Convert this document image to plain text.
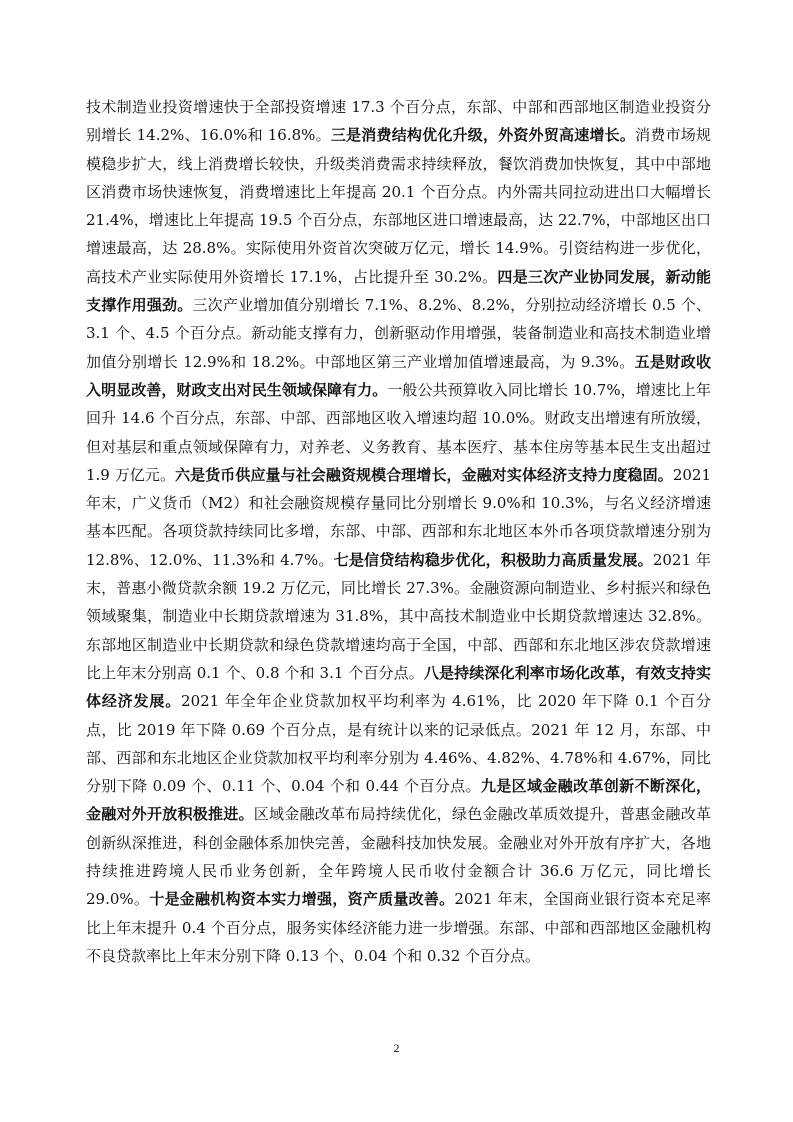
技术制造业投资增速快于全部投资增速 17.3 个百分点，东部、中部和西部地区制造业投资分别增长 14.2%、16.0%和 16.8%。三是消费结构优化升级，外资外贸高速增长。消费市场规模稳步扩大，线上消费增长较快，升级类消费需求持续释放，餐饮消费加快恢复，其中中部地区消费市场快速恢复，消费增速比上年提高 20.1 个百分点。内外需共同拉动进出口大幅增长 21.4%，增速比上年提高 19.5 个百分点，东部地区进口增速最高，达 22.7%，中部地区出口增速最高，达 28.8%。实际使用外资首次突破万亿元，增长 14.9%。引资结构进一步优化，高技术产业实际使用外资增长 17.1%，占比提升至 30.2%。四是三次产业协同发展，新动能支撑作用强劲。三次产业增加值分别增长 7.1%、8.2%、8.2%，分别拉动经济增长 0.5 个、3.1 个、4.5 个百分点。新动能支撑有力，创新驱动作用增强，装备制造业和高技术制造业增加值分别增长 12.9%和 18.2%。中部地区第三产业增加值增速最高，为 9.3%。五是财政收入明显改善，财政支出对民生领域保障有力。一般公共预算收入同比增长 10.7%，增速比上年回升 14.6 个百分点，东部、中部、西部地区收入增速均超 10.0%。财政支出增速有所放缓，但对基层和重点领域保障有力，对养老、义务教育、基本医疗、基本住房等基本民生支出超过 1.9 万亿元。六是货币供应量与社会融资规模合理增长，金融对实体经济支持力度稳固。2021 年末，广义货币（M2）和社会融资规模存量同比分别增长 9.0%和 10.3%，与名义经济增速基本匹配。各项贷款持续同比多增，东部、中部、西部和东北地区本外币各项贷款增速分别为 12.8%、12.0%、11.3%和 4.7%。七是信贷结构稳步优化，积极助力高质量发展。2021 年末，普惠小微贷款余额 19.2 万亿元，同比增长 27.3%。金融资源向制造业、乡村振兴和绿色领域聚集，制造业中长期贷款增速为 31.8%，其中高技术制造业中长期贷款增速达 32.8%。东部地区制造业中长期贷款和绿色贷款增速均高于全国，中部、西部和东北地区涉农贷款增速比上年末分别高 0.1 个、0.8 个和 3.1 个百分点。八是持续深化利率市场化改革，有效支持实体经济发展。2021 年全年企业贷款加权平均利率为 4.61%，比 2020 年下降 0.1 个百分点，比 2019 年下降 0.69 个百分点，是有统计以来的记录低点。2021 年 12 月，东部、中部、西部和东北地区企业贷款加权平均利率分别为 4.46%、4.82%、4.78%和 4.67%，同比分别下降 0.09 个、0.11 个、0.04 个和 0.44 个百分点。九是区域金融改革创新不断深化，金融对外开放积极推进。区域金融改革布局持续优化，绿色金融改革质效提升，普惠金融改革创新纵深推进，科创金融体系加快完善，金融科技加快发展。金融业对外开放有序扩大，各地持续推进跨境人民币业务创新，全年跨境人民币收付金额合计 36.6 万亿元，同比增长 29.0%。十是金融机构资本实力增强，资产质量改善。2021 年末，全国商业银行资本充足率比上年末提升 0.4 个百分点，服务实体经济能力进一步增强。东部、中部和西部地区金融机构不良贷款率比上年末分别下降 0.13 个、0.04 个和 0.32 个百分点。

2
